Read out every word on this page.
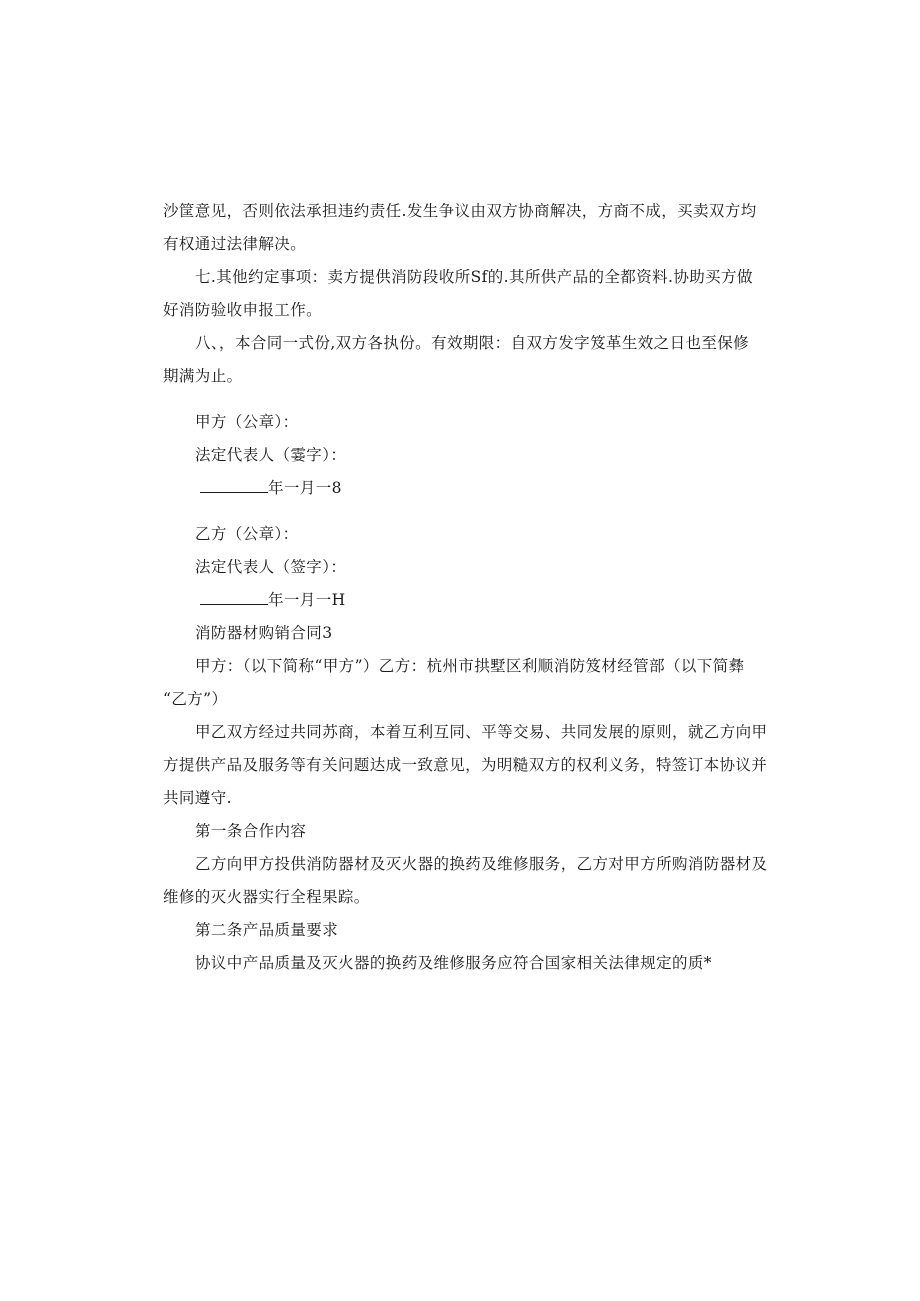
沙筐意见，否则依法承担违约责任.发生争议由双方协商解决，方商不成，买卖双方均
有权通过法律解决。
七.其他约定事项：卖方提供消防段收所Sf的.其所供产品的全都资料.协助买方做
好消防验收申报工作。
八、，本合同一式份,双方各执份。有效期限：自双方发字笈革生效之日也至保修
期满为止。
甲方（公章）：
法定代表人（霎字）：
年一月一8
乙方（公章）：
法定代表人（签字）：
年一月一H
消防器材购销合同3
甲方：（以下简称“甲方”）乙方：杭州市拱墅区利顺消防笈材经管部（以下简彝
“乙方”）
甲乙双方经过共同苏商，本着互利互同、平等交易、共同发展的原则，就乙方向甲
方提供产品及服务等有关问题达成一致意见，为明糙双方的权利义务，特签订本协议并
共同遵守.
第一条合作内容
乙方向甲方投供消防器材及灭火器的换药及维修服务，乙方对甲方所购消防器材及
维修的灭火器实行全程果踪。
第二条产品质量要求
协议中产品质量及灭火器的换药及维修服务应符合国家相关法律规定的质*
